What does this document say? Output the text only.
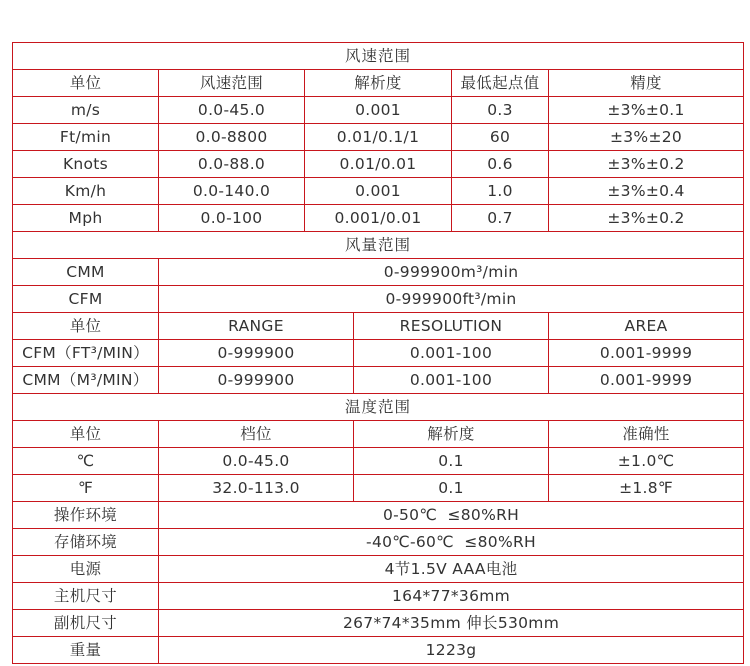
风速范围					
单位	风速范围	解析度		最低起点值	精度
m/s	0.0-45.0	0.001		0.3	±3%±0.1
Ft/min	0.0-8800	0.01/0.1/1		60	±3%±20
Knots	0.0-88.0	0.01/0.01		0.6	±3%±0.2
Km/h	0.0-140.0	0.001		1.0	±3%±0.4
Mph	0.0-100	0.001/0.01		0.7	±3%±0.2
风量范围					
CMM	0-999900m³/min				
CFM	0-999900ft³/min				
单位	RANGE		RESOLUTION		AREA
CFM（FT³/MIN）	0-999900		0.001-100		0.001-9999
CMM（M³/MIN）	0-999900		0.001-100		0.001-9999
温度范围					
单位	档位		解析度		准确性
℃	0.0-45.0		0.1		±1.0℃
℉	32.0-113.0		0.1		±1.8℉
操作环境	0-50℃  ≤80%RH				
存储环境	-40℃-60℃  ≤80%RH				
电源	4节1.5V AAA电池				
主机尺寸	164*77*36mm				
副机尺寸	267*74*35mm 伸长530mm				
重量	1223g				
